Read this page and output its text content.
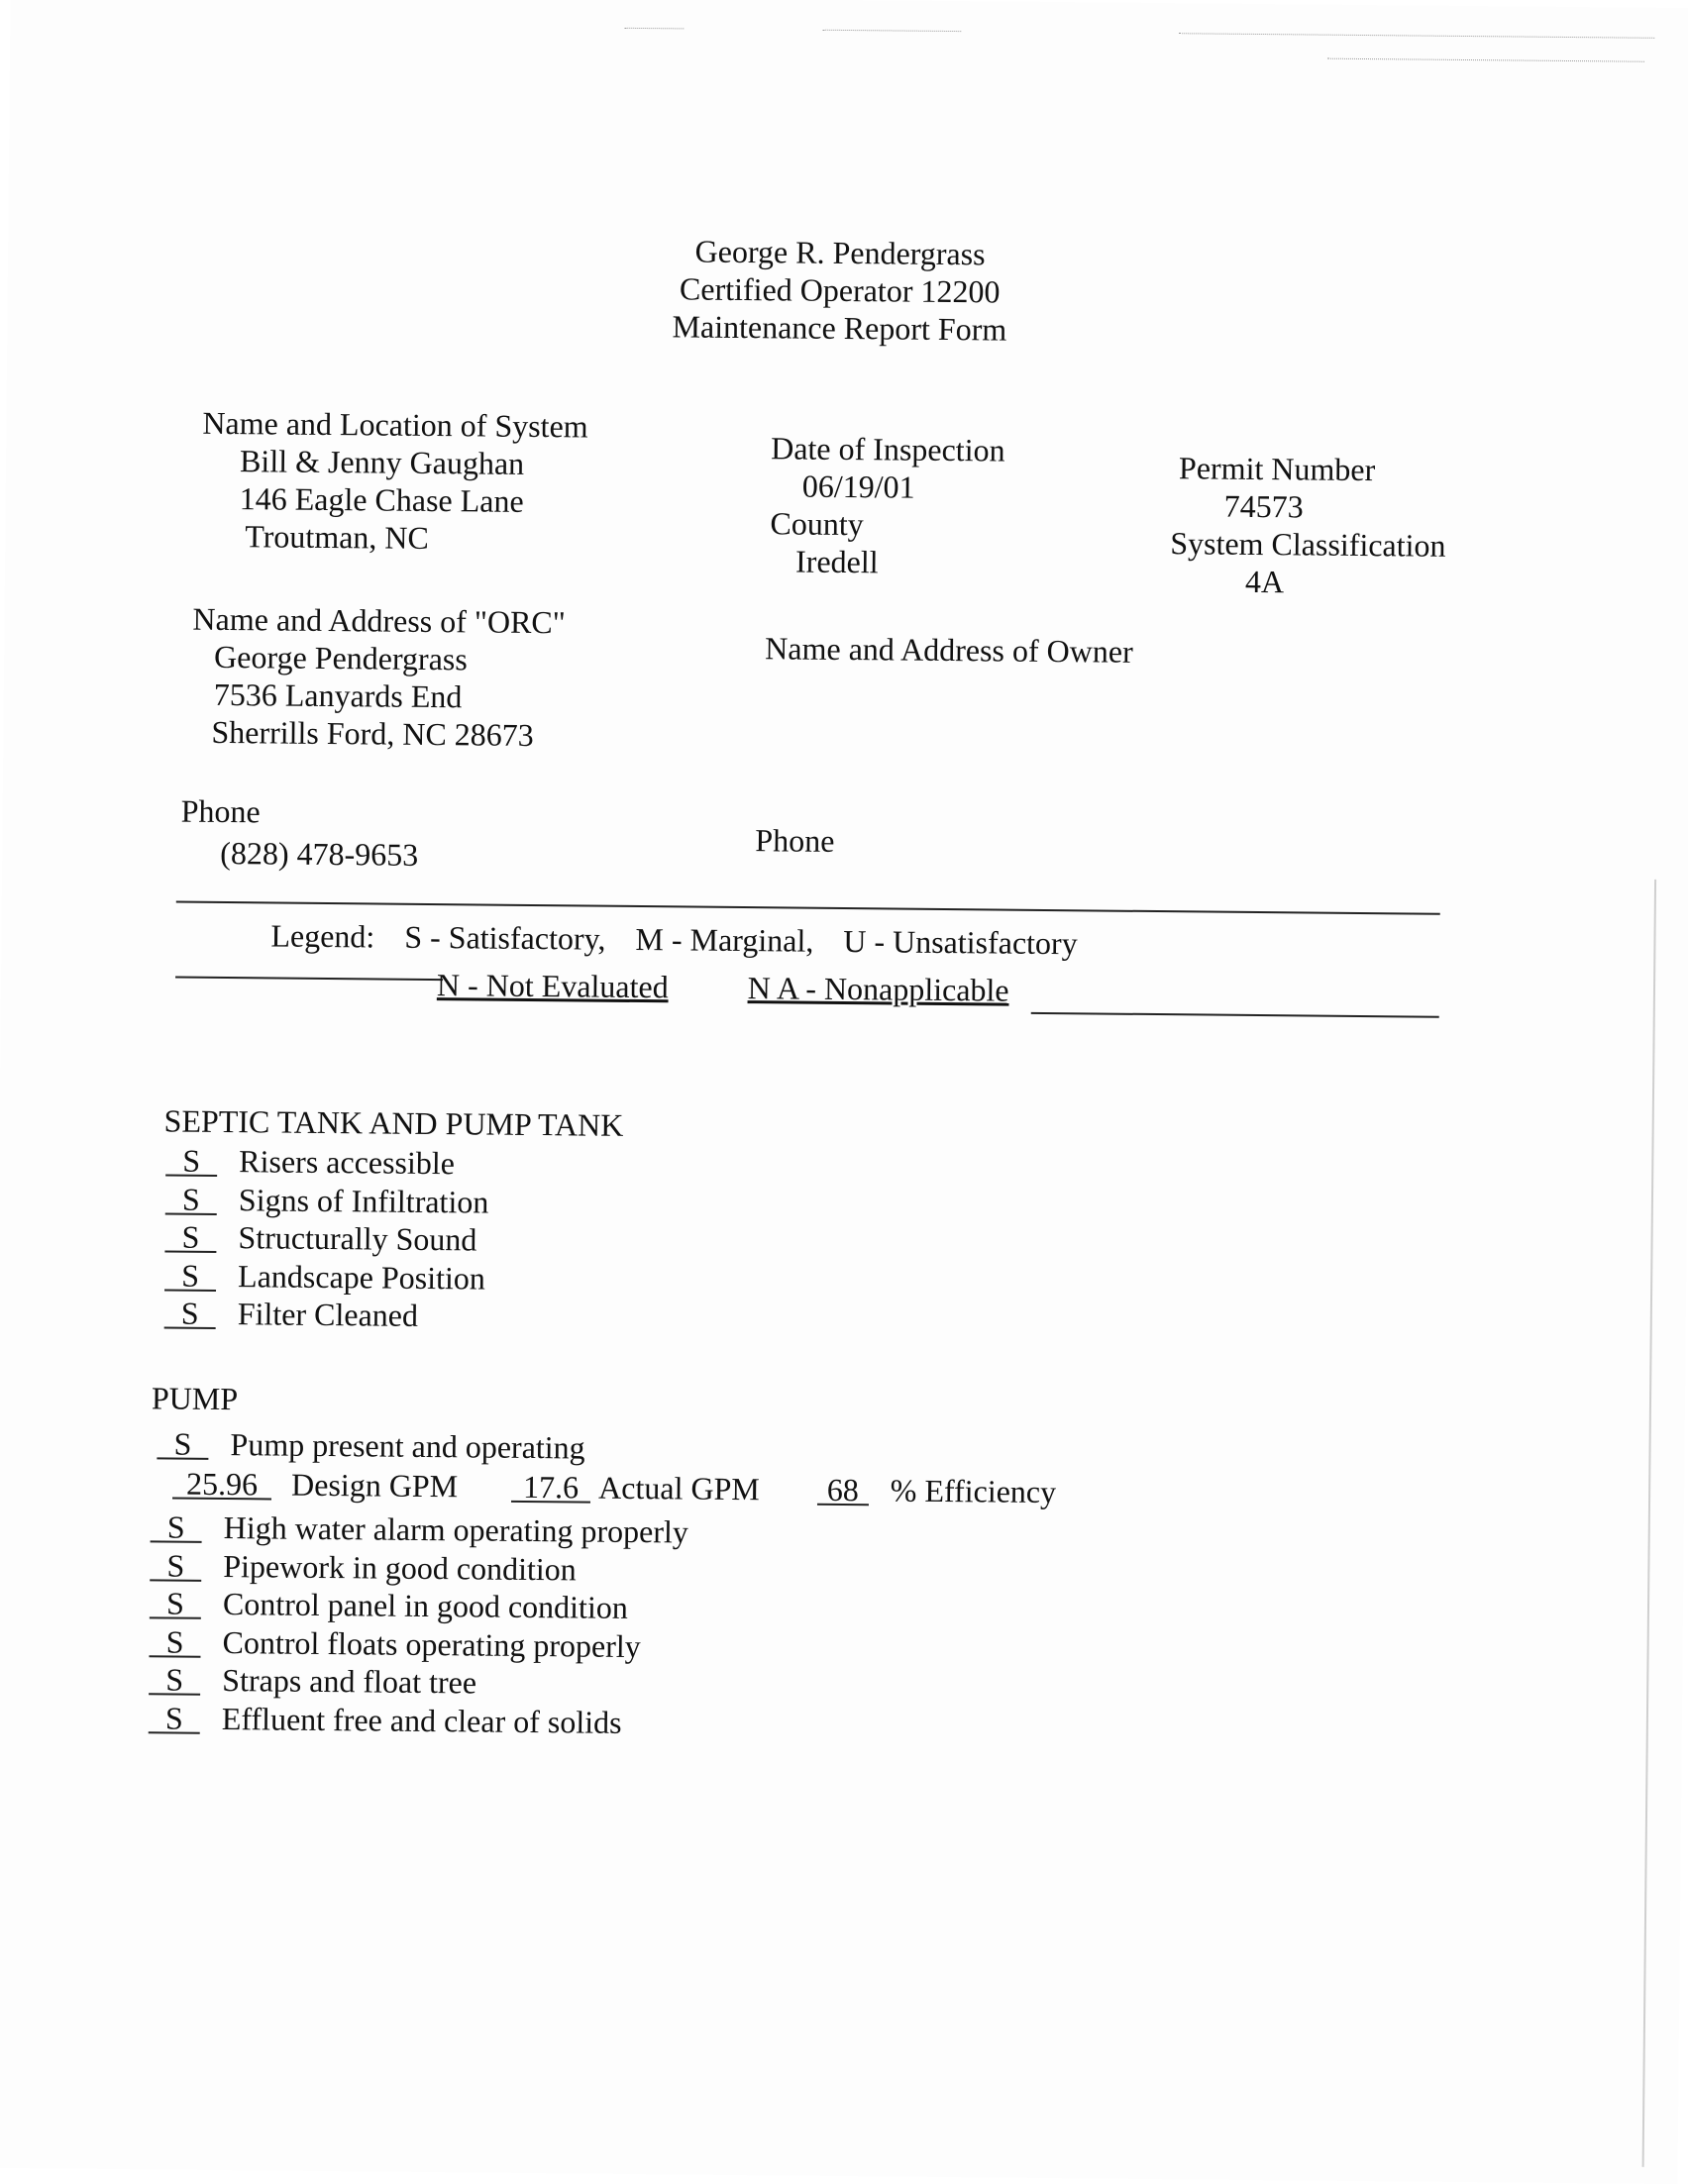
George R. Pendergrass
Certified Operator 12200
Maintenance Report Form
Name and Location of System
Bill & Jenny Gaughan
146 Eagle Chase Lane
Troutman, NC
Date of Inspection
06/19/01
County
Iredell
Permit Number
74573
System Classification
4A
Name and Address of "ORC"
George Pendergrass
7536 Lanyards End
Sherrills Ford, NC 28673
Name and Address of Owner
Phone
(828) 478-9653	Phone
Legend: S - Satisfactory, M - Marginal, U - Unsatisfactory
N - Not Evaluated N A - Nonapplicable
SEPTIC TANK AND PUMP TANK
S	Risers accessible
S	Signs of Infiltration
S	Structurally Sound
S	Landscape Position
S	Filter Cleaned
PUMP
S	Pump present and operating
25.96	Design GPM	17.6 Actual GPM	68 % Efficiency
S	High water alarm operating properly
S	Pipework in good condition
S	Control panel in good condition
S	Control floats operating properly
S	Straps and float tree
S	Effluent free and clear of solids
